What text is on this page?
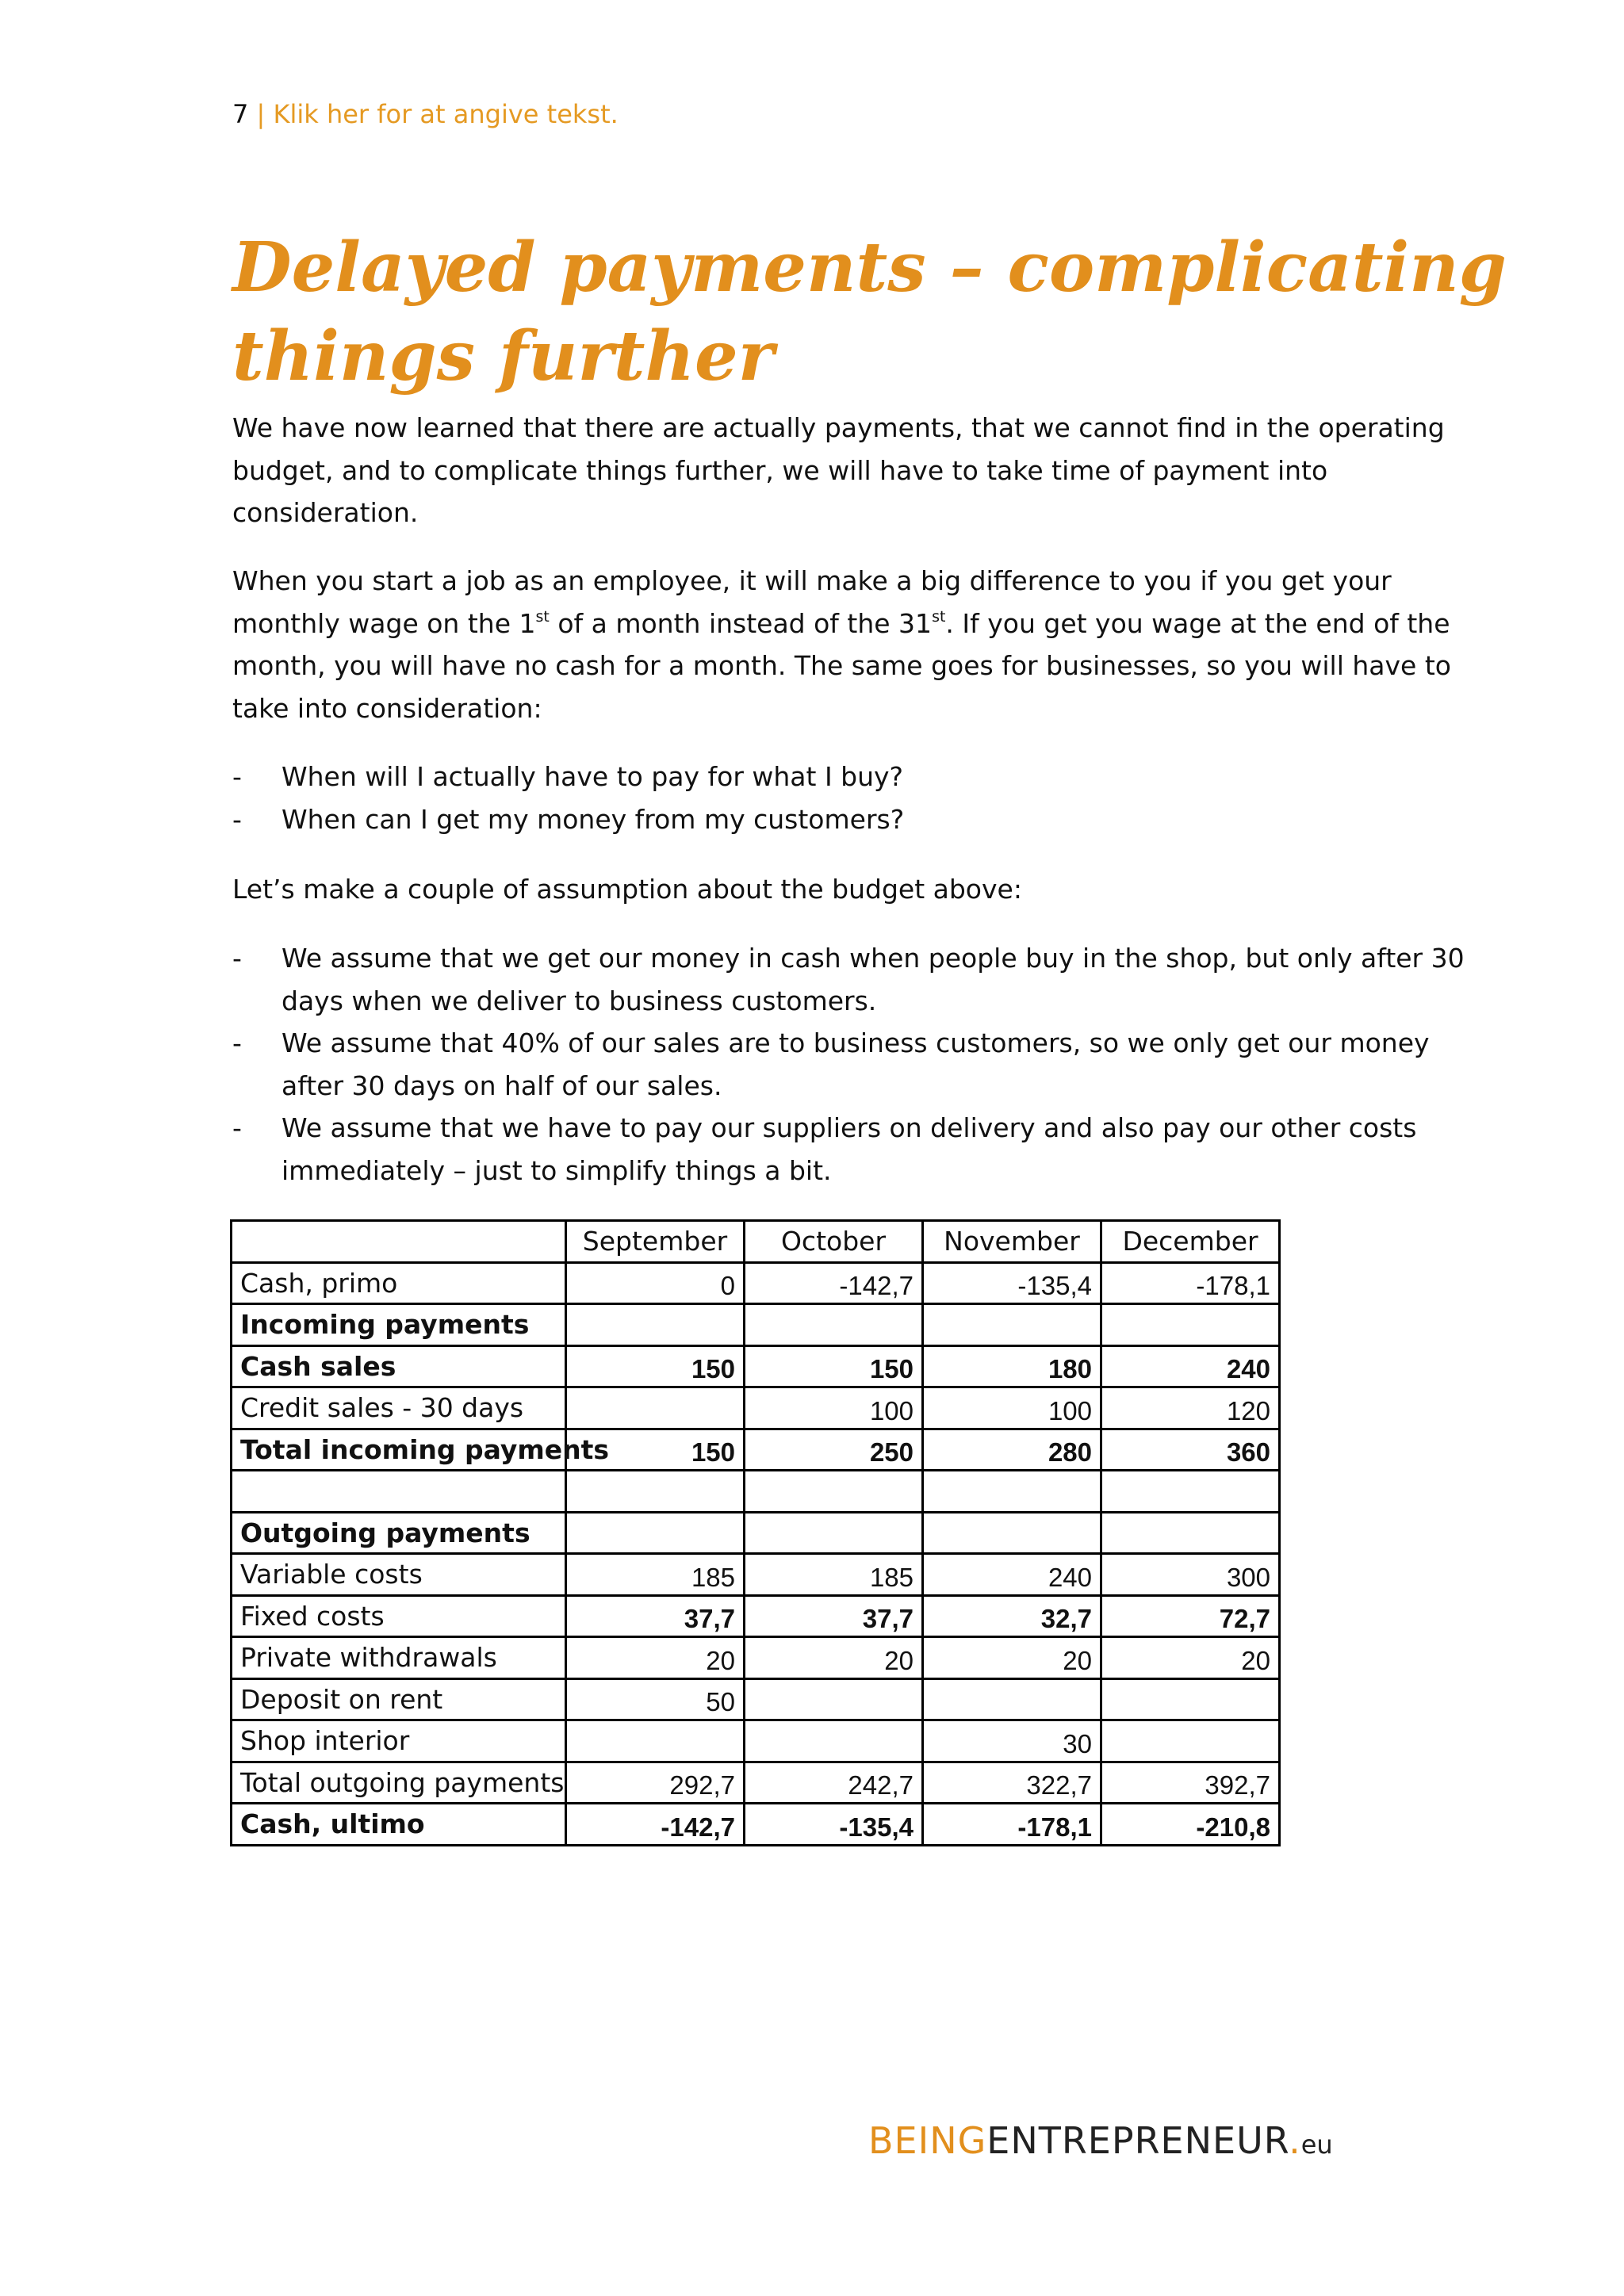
7 | Klik her for at angive tekst.
Delayed payments – complicating
things further

We have now learned that there are actually payments, that we cannot find in the operating
budget, and to complicate things further, we will have to take time of payment into
consideration.

When you start a job as an employee, it will make a big difference to you if you get your
monthly wage on the 1st of a month instead of the 31st. If you get you wage at the end of the
month, you will have no cash for a month. The same goes for businesses, so you will have to
take into consideration:

- When will I actually have to pay for what I buy?
- When can I get my money from my customers?

Let’s make a couple of assumption about the budget above:

- We assume that we get our money in cash when people buy in the shop, but only after 30
days when we deliver to business customers.
- We assume that 40% of our sales are to business customers, so we only get our money
after 30 days on half of our sales.
- We assume that we have to pay our suppliers on delivery and also pay our other costs
immediately – just to simplify things a bit.
	September	October	November	December
Cash, primo	0	-142,7	-135,4	-178,1
Incoming payments				
Cash sales	150	150	180	240
Credit sales - 30 days		100	100	120
Total incoming payments	150	250	280	360

Outgoing payments				
Variable costs	185	185	240	300
Fixed costs	37,7	37,7	32,7	72,7
Private withdrawals	20	20	20	20
Deposit on rent	50			
Shop interior			30	
Total outgoing payments	292,7	242,7	322,7	392,7
Cash, ultimo	-142,7	-135,4	-178,1	-210,8
BEINGENTREPRENEUR.eu
